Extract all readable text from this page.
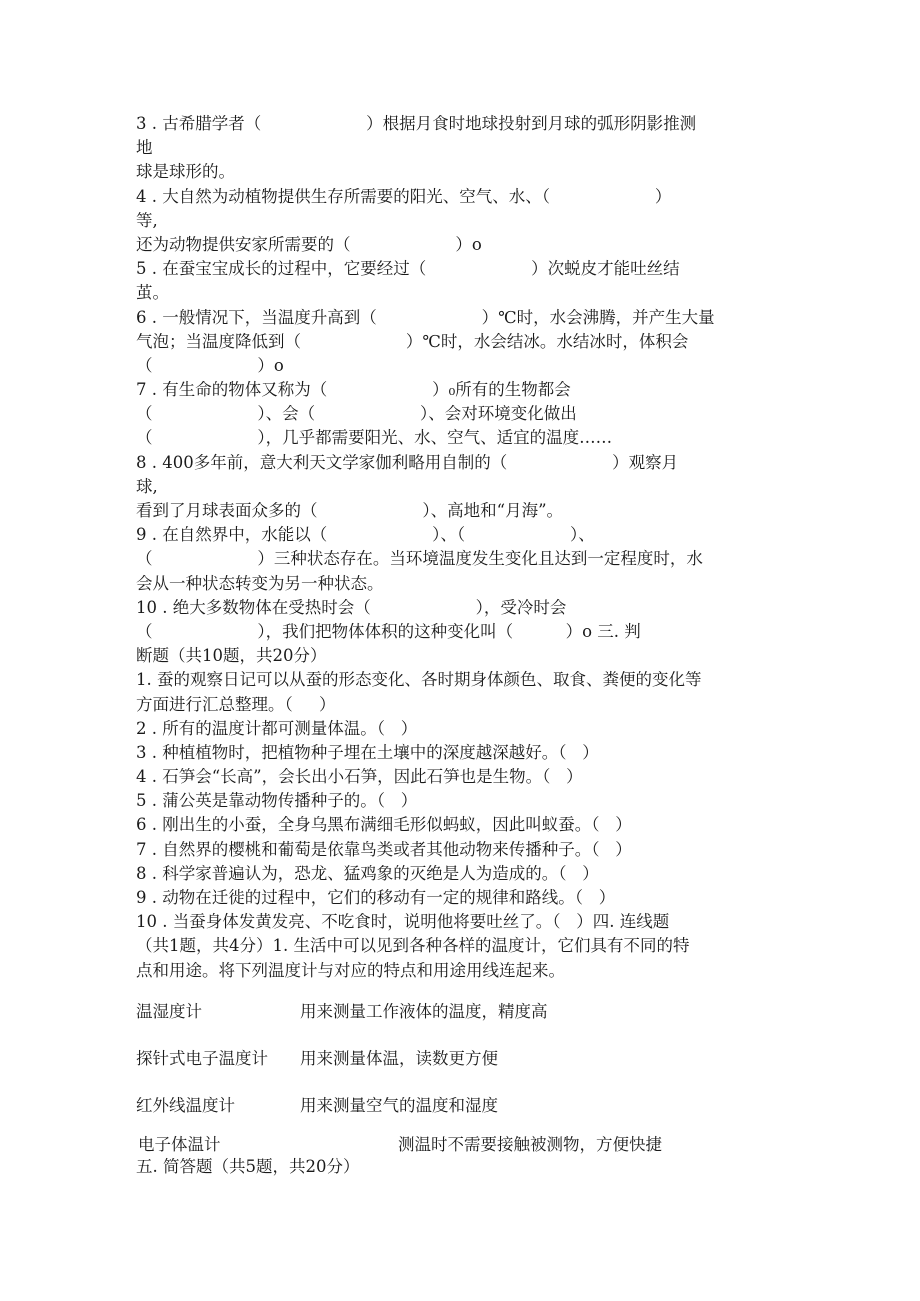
3 . 古希腊学者（                    ）根据月食时地球投射到月球的弧形阴影推测
地
球是球形的。
4 . 大自然为动植物提供生存所需要的阳光、空气、水、（                    ）
等,
还为动物提供安家所需要的（                    ）o
5 . 在蚕宝宝成长的过程中，它要经过（                    ）次蜕皮才能吐丝结
茧。
6 . 一般情况下，当温度升高到（                    ）℃时，水会沸腾，并产生大量
气泡；当温度降低到（                    ）℃时，水会结冰。水结冰时，体积会
（                    ）o
7 . 有生命的物体又称为（                    ）₀所有的生物都会
（                    ）、会（                    ）、会对环境变化做出
（                    ），几乎都需要阳光、水、空气、适宜的温度……
8 . 400多年前，意大利天文学家伽利略用自制的（                    ）观察月
球,
看到了月球表面众多的（                    ）、高地和“月海”。
9 . 在自然界中，水能以（                    ）、（                    ）、
（                    ）三种状态存在。当环境温度发生变化且达到一定程度时，水
会从一种状态转变为另一种状态。
10 . 绝大多数物体在受热时会（                    ），受冷时会
（                    ），我们把物体体积的这种变化叫（          ）o 三. 判
断题（共10题，共20分）
1. 蚕的观察日记可以从蚕的形态变化、各时期身体颜色、取食、粪便的变化等
方面进行汇总整理。（     ）
2 . 所有的温度计都可测量体温。（   ）
3 . 种植植物时，把植物种子埋在土壤中的深度越深越好。（   ）
4 . 石笋会“长高”，会长出小石笋，因此石笋也是生物。（   ）
5 . 蒲公英是靠动物传播种子的。（   ）
6 . 刚出生的小蚕，全身乌黑布满细毛形似蚂蚁，因此叫蚁蚕。（   ）
7 . 自然界的樱桃和葡萄是依靠鸟类或者其他动物来传播种子。（   ）
8 . 科学家普遍认为，恐龙、猛鸡象的灭绝是人为造成的。（   ）
9 . 动物在迁徙的过程中，它们的移动有一定的规律和路线。（   ）
10 . 当蚕身体发黄发亮、不吃食时，说明他将要吐丝了。（   ）四. 连线题
（共1题，共4分）1. 生活中可以见到各种各样的温度计，它们具有不同的特
点和用途。将下列温度计与对应的特点和用途用线连起来。
温湿度计	用来测量工作液体的温度，精度高
探针式电子温度计 用来测量体温，读数更方便
红外线温度计	用来测量空气的温度和湿度
电子体温计	测温时不需要接触被测物，方便快捷
五. 简答题（共5题，共20分）
